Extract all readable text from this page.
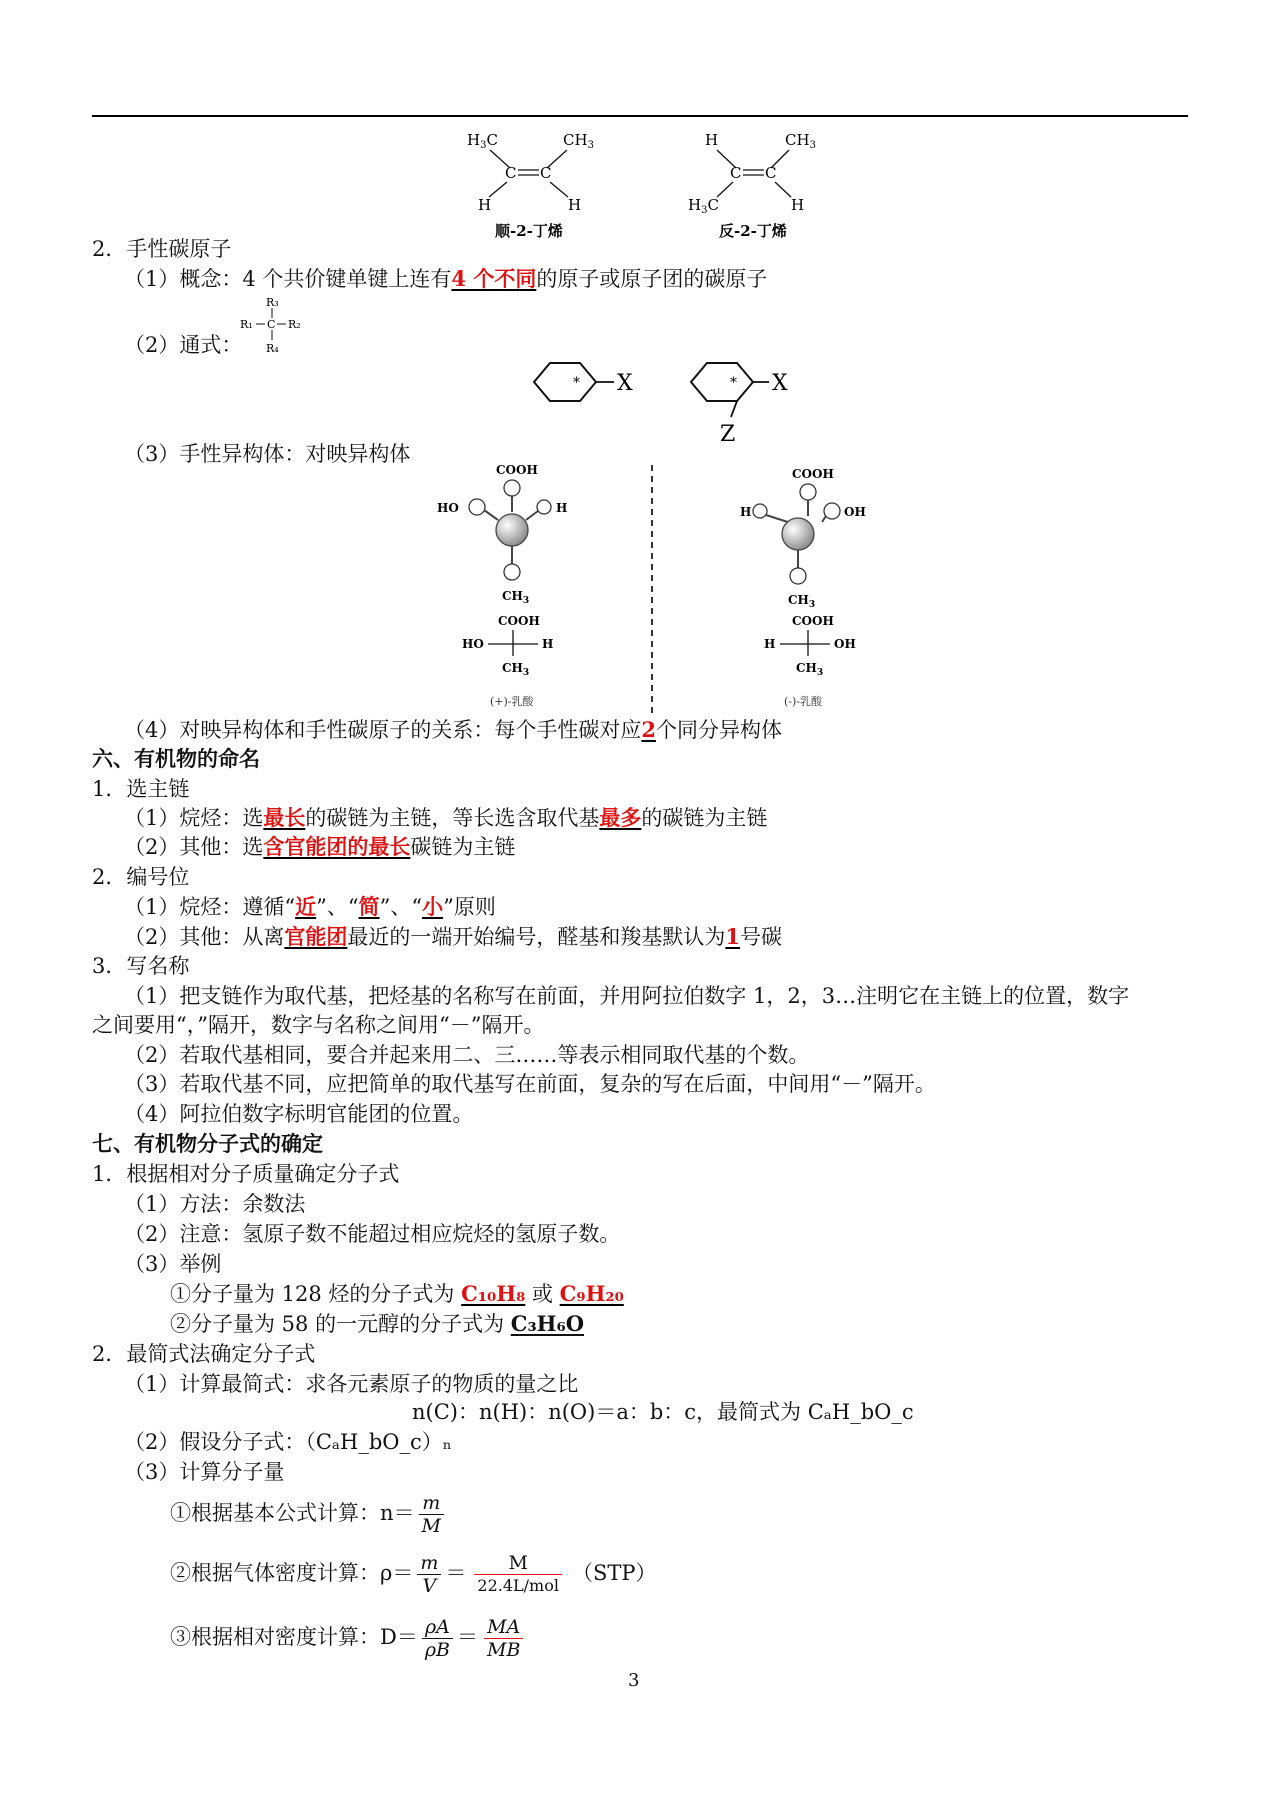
$H_3C$	$CH_3$
C C
H	H
顺-2-丁烯
H	$CH_3$
C C
$H_3C$	H
反-2-丁烯
2．手性碳原子
（1）概念：4 个共价键单键上连有4 个不同的原子或原子团的碳原子
（2）通式：
R₃
R₁ C R₂
R₄
* X	* X
Z
（3）手性异构体：对映异构体
COOH
HO	H
$CH_3$
COOH
HO	H
$CH_3$
(+)-乳酸
COOH
H	OH
$CH_3$
COOH
H	OH
$CH_3$
(-)-乳酸
（4）对映异构体和手性碳原子的关系：每个手性碳对应2个同分异构体
六、有机物的命名
1．选主链
（1）烷烃：选最长的碳链为主链，等长选含取代基最多的碳链为主链
（2）其他：选含官能团的最长碳链为主链
2．编号位
（1）烷烃：遵循“近”、“简”、“小”原则
（2）其他：从离官能团最近的一端开始编号，醛基和羧基默认为1号碳
3．写名称
（1）把支链作为取代基，把烃基的名称写在前面，并用阿拉伯数字 1，2，3…注明它在主链上的位置，数字
之间要用“，”隔开，数字与名称之间用“－”隔开。
（2）若取代基相同，要合并起来用二、三……等表示相同取代基的个数。
（3）若取代基不同，应把简单的取代基写在前面，复杂的写在后面，中间用“－”隔开。
（4）阿拉伯数字标明官能团的位置。
七、有机物分子式的确定
1．根据相对分子质量确定分子式
（1）方法：余数法
（2）注意：氢原子数不能超过相应烷烃的氢原子数。
（3）举例
①分子量为 128 烃的分子式为 C₁₀H₈ 或 C₉H₂₀
②分子量为 58 的一元醇的分子式为 C₃H₆O
2．最简式法确定分子式
（1）计算最简式：求各元素原子的物质的量之比
n(C)：n(H)：n(O)＝a：b：c，最简式为 CₐH_bO_c
（2）假设分子式：（CₐH_bO_c）ₙ
（3）计算分子量
①根据基本公式计算：$n= \frac{m}{M}$
②根据气体密度计算：$\rho= \frac{m}{V} = \frac{M}{\text{22.4L/mol}} (STP)$
③根据相对密度计算：$D= \frac{\rho A}{\rho B} = \frac{MA}{MB}$
3
